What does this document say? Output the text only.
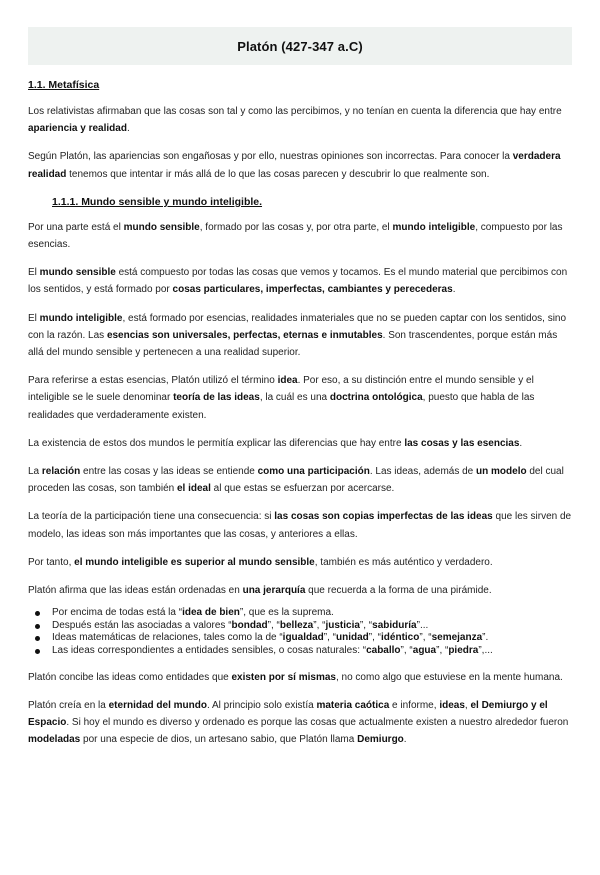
Platón (427-347 a.C)
1.1. Metafísica

Los relativistas afirmaban que las cosas son tal y como las percibimos, y no tenían en cuenta la diferencia que hay entre apariencia y realidad.

Según Platón, las apariencias son engañosas y por ello, nuestras opiniones son incorrectas. Para conocer la verdadera realidad tenemos que intentar ir más allá de lo que las cosas parecen y descubrir lo que realmente son.

1.1.1. Mundo sensible y mundo inteligible.

Por una parte está el mundo sensible, formado por las cosas y, por otra parte, el mundo inteligible, compuesto por las esencias.

El mundo sensible está compuesto por todas las cosas que vemos y tocamos. Es el mundo material que percibimos con los sentidos, y está formado por cosas particulares, imperfectas, cambiantes y perecederas.

El mundo inteligible, está formado por esencias, realidades inmateriales que no se pueden captar con los sentidos, sino con la razón. Las esencias son universales, perfectas, eternas e inmutables. Son trascendentes, porque están más allá del mundo sensible y pertenecen a una realidad superior.

Para referirse a estas esencias, Platón utilizó el término idea. Por eso, a su distinción entre el mundo sensible y el inteligible se le suele denominar teoría de las ideas, la cuál es una doctrina ontológica, puesto que habla de las realidades que verdaderamente existen.

La existencia de estos dos mundos le permitía explicar las diferencias que hay entre las cosas y las esencias.

La relación entre las cosas y las ideas se entiende como una participación. Las ideas, además de un modelo del cual proceden las cosas, son también el ideal al que estas se esfuerzan por acercarse.

La teoría de la participación tiene una consecuencia: si las cosas son copias imperfectas de las ideas que les sirven de modelo, las ideas son más importantes que las cosas, y anteriores a ellas.

Por tanto, el mundo inteligible es superior al mundo sensible, también es más auténtico y verdadero.

Platón afirma que las ideas están ordenadas en una jerarquía que recuerda a la forma de una pirámide.

Por encima de todas está la “idea de bien”, que es la suprema.
Después están las asociadas a valores “bondad”, “belleza”, “justicia”, “sabiduría”...
Ideas matemáticas de relaciones, tales como la de “igualdad”, “unidad”, “idéntico”, “semejanza”.
Las ideas correspondientes a entidades sensibles, o cosas naturales: “caballo”, “agua”, “piedra”,...

Platón concibe las ideas como entidades que existen por sí mismas, no como algo que estuviese en la mente humana.

Platón creía en la eternidad del mundo. Al principio solo existía materia caótica e informe, ideas, el Demiurgo y el Espacio. Si hoy el mundo es diverso y ordenado es porque las cosas que actualmente existen a nuestro alrededor fueron modeladas por una especie de dios, un artesano sabio, que Platón llama Demiurgo.
